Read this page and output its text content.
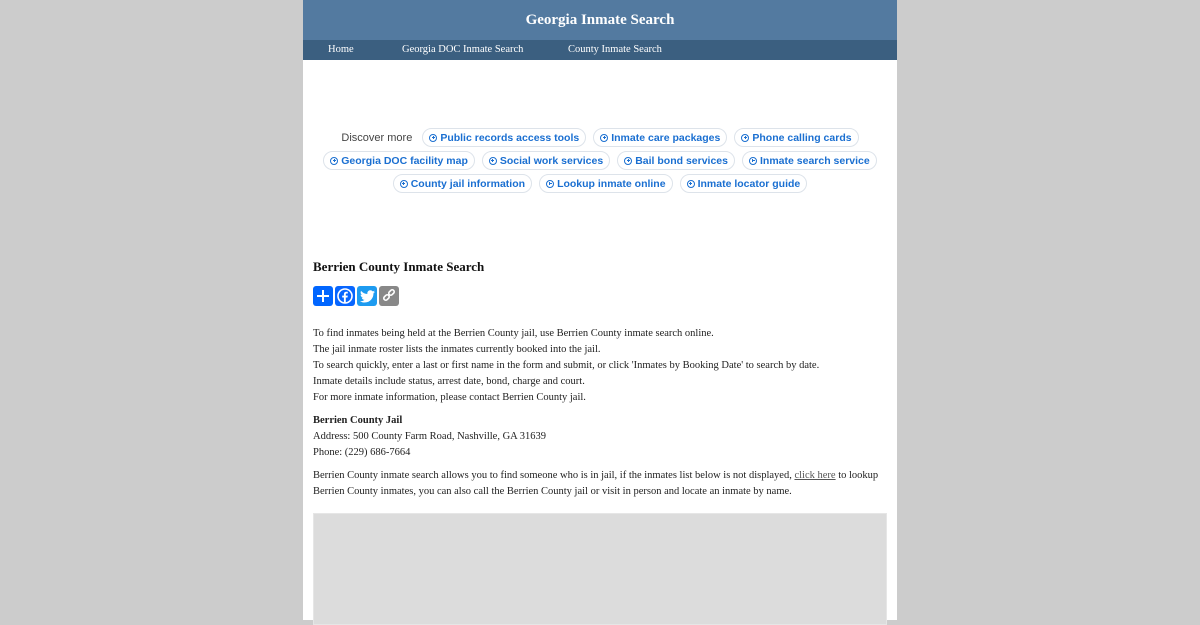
Georgia Inmate Search
Home	Georgia DOC Inmate Search	County Inmate Search
Discover more	Public records access tools	Inmate care packages	Phone calling cards
Georgia DOC facility map	Social work services	Bail bond services	Inmate search service
County jail information	Lookup inmate online	Inmate locator guide
Berrien County Inmate Search
To find inmates being held at the Berrien County jail, use Berrien County inmate search online.
The jail inmate roster lists the inmates currently booked into the jail.
To search quickly, enter a last or first name in the form and submit, or click 'Inmates by Booking Date' to search by date.
Inmate details include status, arrest date, bond, charge and court.
For more inmate information, please contact Berrien County jail.
Berrien County Jail
Address: 500 County Farm Road, Nashville, GA 31639
Phone: (229) 686-7664
Berrien County inmate search allows you to find someone who is in jail, if the inmates list below is not displayed, click here to lookup Berrien County inmates, you can also call the Berrien County jail or visit in person and locate an inmate by name.
